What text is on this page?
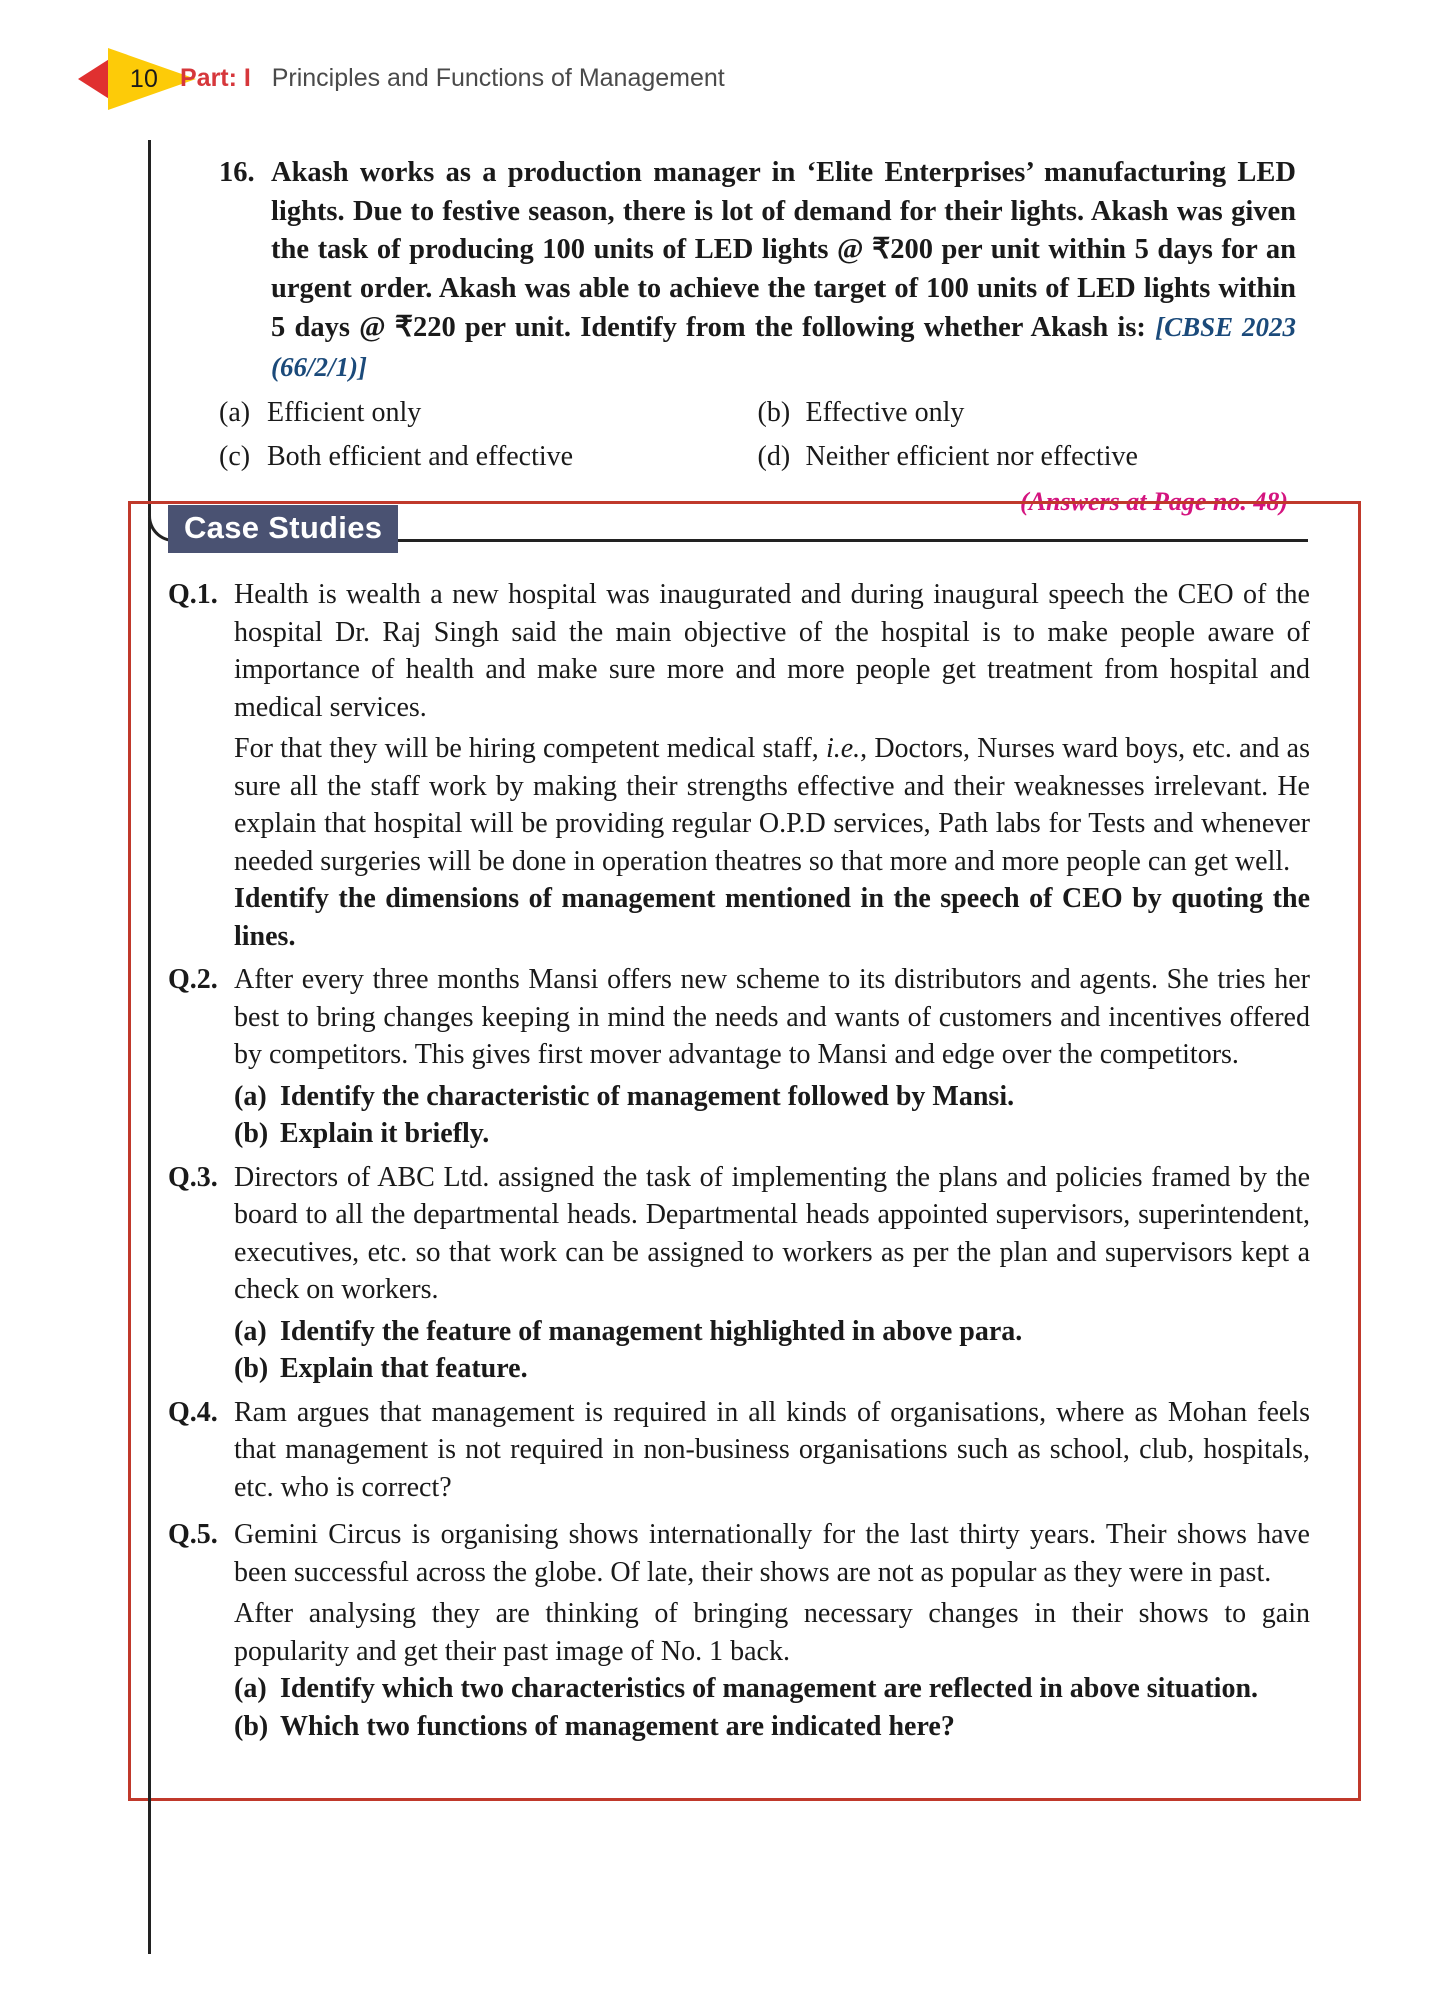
10 Part: I Principles and Functions of Management
16. Akash works as a production manager in ‘Elite Enterprises’ manufacturing LED lights. Due to festive season, there is lot of demand for their lights. Akash was given the task of producing 100 units of LED lights @ ₹200 per unit within 5 days for an urgent order. Akash was able to achieve the target of 100 units of LED lights within 5 days @ ₹220 per unit. Identify from the following whether Akash is: [CBSE 2023 (66/2/1)]
(a) Efficient only	(b) Effective only
(c) Both efficient and effective	(d) Neither efficient nor effective
(Answers at Page no. 48)
Case Studies
Q.1. Health is wealth a new hospital was inaugurated and during inaugural speech the CEO of the hospital Dr. Raj Singh said the main objective of the hospital is to make people aware of importance of health and make sure more and more people get treatment from hospital and medical services.
For that they will be hiring competent medical staff, i.e., Doctors, Nurses ward boys, etc. and as sure all the staff work by making their strengths effective and their weaknesses irrelevant. He explain that hospital will be providing regular O.P.D services, Path labs for Tests and whenever needed surgeries will be done in operation theatres so that more and more people can get well.
Identify the dimensions of management mentioned in the speech of CEO by quoting the lines.
Q.2. After every three months Mansi offers new scheme to its distributors and agents. She tries her best to bring changes keeping in mind the needs and wants of customers and incentives offered by competitors. This gives first mover advantage to Mansi and edge over the competitors.
(a) Identify the characteristic of management followed by Mansi.
(b) Explain it briefly.
Q.3. Directors of ABC Ltd. assigned the task of implementing the plans and policies framed by the board to all the departmental heads. Departmental heads appointed supervisors, superintendent, executives, etc. so that work can be assigned to workers as per the plan and supervisors kept a check on workers.
(a) Identify the feature of management highlighted in above para.
(b) Explain that feature.
Q.4. Ram argues that management is required in all kinds of organisations, where as Mohan feels that management is not required in non-business organisations such as school, club, hospitals, etc. who is correct?
Q.5. Gemini Circus is organising shows internationally for the last thirty years. Their shows have been successful across the globe. Of late, their shows are not as popular as they were in past.
After analysing they are thinking of bringing necessary changes in their shows to gain popularity and get their past image of No. 1 back.
(a) Identify which two characteristics of management are reflected in above situation.
(b) Which two functions of management are indicated here?
